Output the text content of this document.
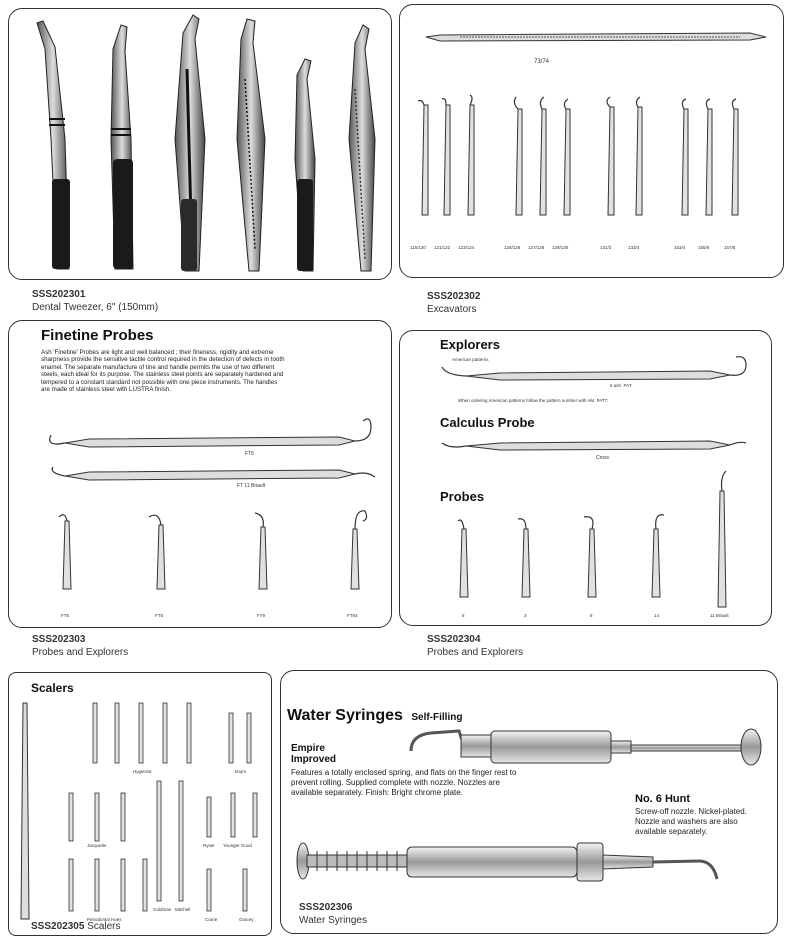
SSS202301
Dental Tweezer, 6" (150mm)
73/74
115/130 121/122 123/124	125/126 127/128 129/130	131/2	133/4	153/4	155/6	157/8
SSS202302
Excavators
Finetine Probes
Ash 'Finetine' Probes are light and well balanced ; their fineness, rigidity and extreme sharpness provide the sensitive tactile control required in the detection of defects in tooth enamel. The separate manufacture of tine and handle permits the use of two different steels, each ideal for its purpose. The stainless steel points are separately hardened and tempered to a constant standard not possible with one piece instruments. The handles are made of stainless steel with LUSTRA finish.
FT5
FT 11 Briault
FT6	FT8	FT9	FT64
SSS202303
Probes and Explorers
Explorers
American patterns
Calculus Probe
Probes
5 ash. PAT.
When ordering American patterns follow the pattern number with AM. PATT.
Cross
6	3	8	14	11 Briault
SSS202304
Probes and Explorers
Scalers
Hygienist	Day's
Jacquette	Ryser Younger Good
Periodontal Hoes
Goldman Mitchell
Crane	Gracey
SSS202305 Scalers
Water Syringes Self-Filling
Empire
Improved
Features a totally enclosed spring, and flats on the finger rest to prevent rolling. Supplied complete with nozzle. Nozzles are available separately. Finish: Bright chrome plate.
No. 6 Hunt
Screw-off nozzle. Nickel-plated. Nozzle and washers are also available separately.
SSS202306
Water Syringes
